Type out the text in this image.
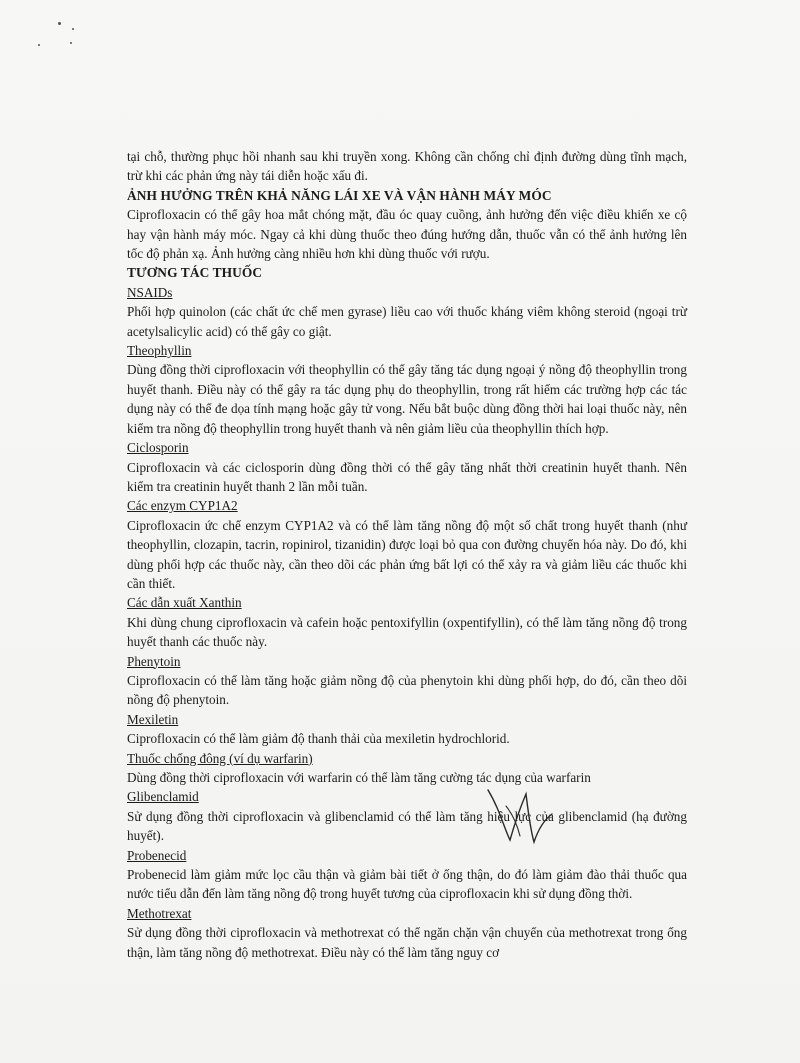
tại chỗ, thường phục hồi nhanh sau khi truyền xong. Không cần chống chỉ định đường dùng tĩnh mạch, trừ khi các phản ứng này tái diễn hoặc xấu đi.

ẢNH HƯỞNG TRÊN KHẢ NĂNG LÁI XE VÀ VẬN HÀNH MÁY MÓC

Ciprofloxacin có thể gây hoa mắt chóng mặt, đầu óc quay cuồng, ảnh hưởng đến việc điều khiển xe cộ hay vận hành máy móc. Ngay cả khi dùng thuốc theo đúng hướng dẫn, thuốc vẫn có thể ảnh hưởng lên tốc độ phản xạ. Ảnh hưởng càng nhiều hơn khi dùng thuốc với rượu.

TƯƠNG TÁC THUỐC

NSAIDs

Phối hợp quinolon (các chất ức chế men gyrase) liều cao với thuốc kháng viêm không steroid (ngoại trừ acetylsalicylic acid) có thể gây co giật.

Theophyllin

Dùng đồng thời ciprofloxacin với theophyllin có thể gây tăng tác dụng ngoại ý nồng độ theophyllin trong huyết thanh. Điều này có thể gây ra tác dụng phụ do theophyllin, trong rất hiếm các trường hợp các tác dụng này có thể đe dọa tính mạng hoặc gây tử vong. Nếu bắt buộc dùng đồng thời hai loại thuốc này, nên kiểm tra nồng độ theophyllin trong huyết thanh và nên giảm liều của theophyllin thích hợp.

Ciclosporin

Ciprofloxacin và các ciclosporin dùng đồng thời có thể gây tăng nhất thời creatinin huyết thanh. Nên kiểm tra creatinin huyết thanh 2 lần mỗi tuần.

Các enzym CYP1A2

Ciprofloxacin ức chế enzym CYP1A2 và có thể làm tăng nồng độ một số chất trong huyết thanh (như theophyllin, clozapin, tacrin, ropinirol, tizanidin) được loại bỏ qua con đường chuyển hóa này. Do đó, khi dùng phối hợp các thuốc này, cần theo dõi các phản ứng bất lợi có thể xảy ra và giảm liều các thuốc khi cần thiết.

Các dẫn xuất Xanthin

Khi dùng chung ciprofloxacin và cafein hoặc pentoxifyllin (oxpentifyllin), có thể làm tăng nồng độ trong huyết thanh các thuốc này.

Phenytoin

Ciprofloxacin có thể làm tăng hoặc giảm nồng độ của phenytoin khi dùng phối hợp, do đó, cần theo dõi nồng độ phenytoin.

Mexiletin

Ciprofloxacin có thể làm giảm độ thanh thải của mexiletin hydrochlorid.

Thuốc chống đông (ví dụ warfarin)

Dùng đồng thời ciprofloxacin với warfarin có thể làm tăng cường tác dụng của warfarin

Glibenclamid

Sử dụng đồng thời ciprofloxacin và glibenclamid có thể làm tăng hiệu lực của glibenclamid (hạ đường huyết).

Probenecid

Probenecid làm giảm mức lọc cầu thận và giảm bài tiết ở ống thận, do đó làm giảm đào thải thuốc qua nước tiểu dẫn đến làm tăng nồng độ trong huyết tương của ciprofloxacin khi sử dụng đồng thời.

Methotrexat

Sử dụng đồng thời ciprofloxacin và methotrexat có thể ngăn chặn vận chuyển của methotrexat trong ống thận, làm tăng nồng độ methotrexat. Điều này có thể làm tăng nguy cơ
